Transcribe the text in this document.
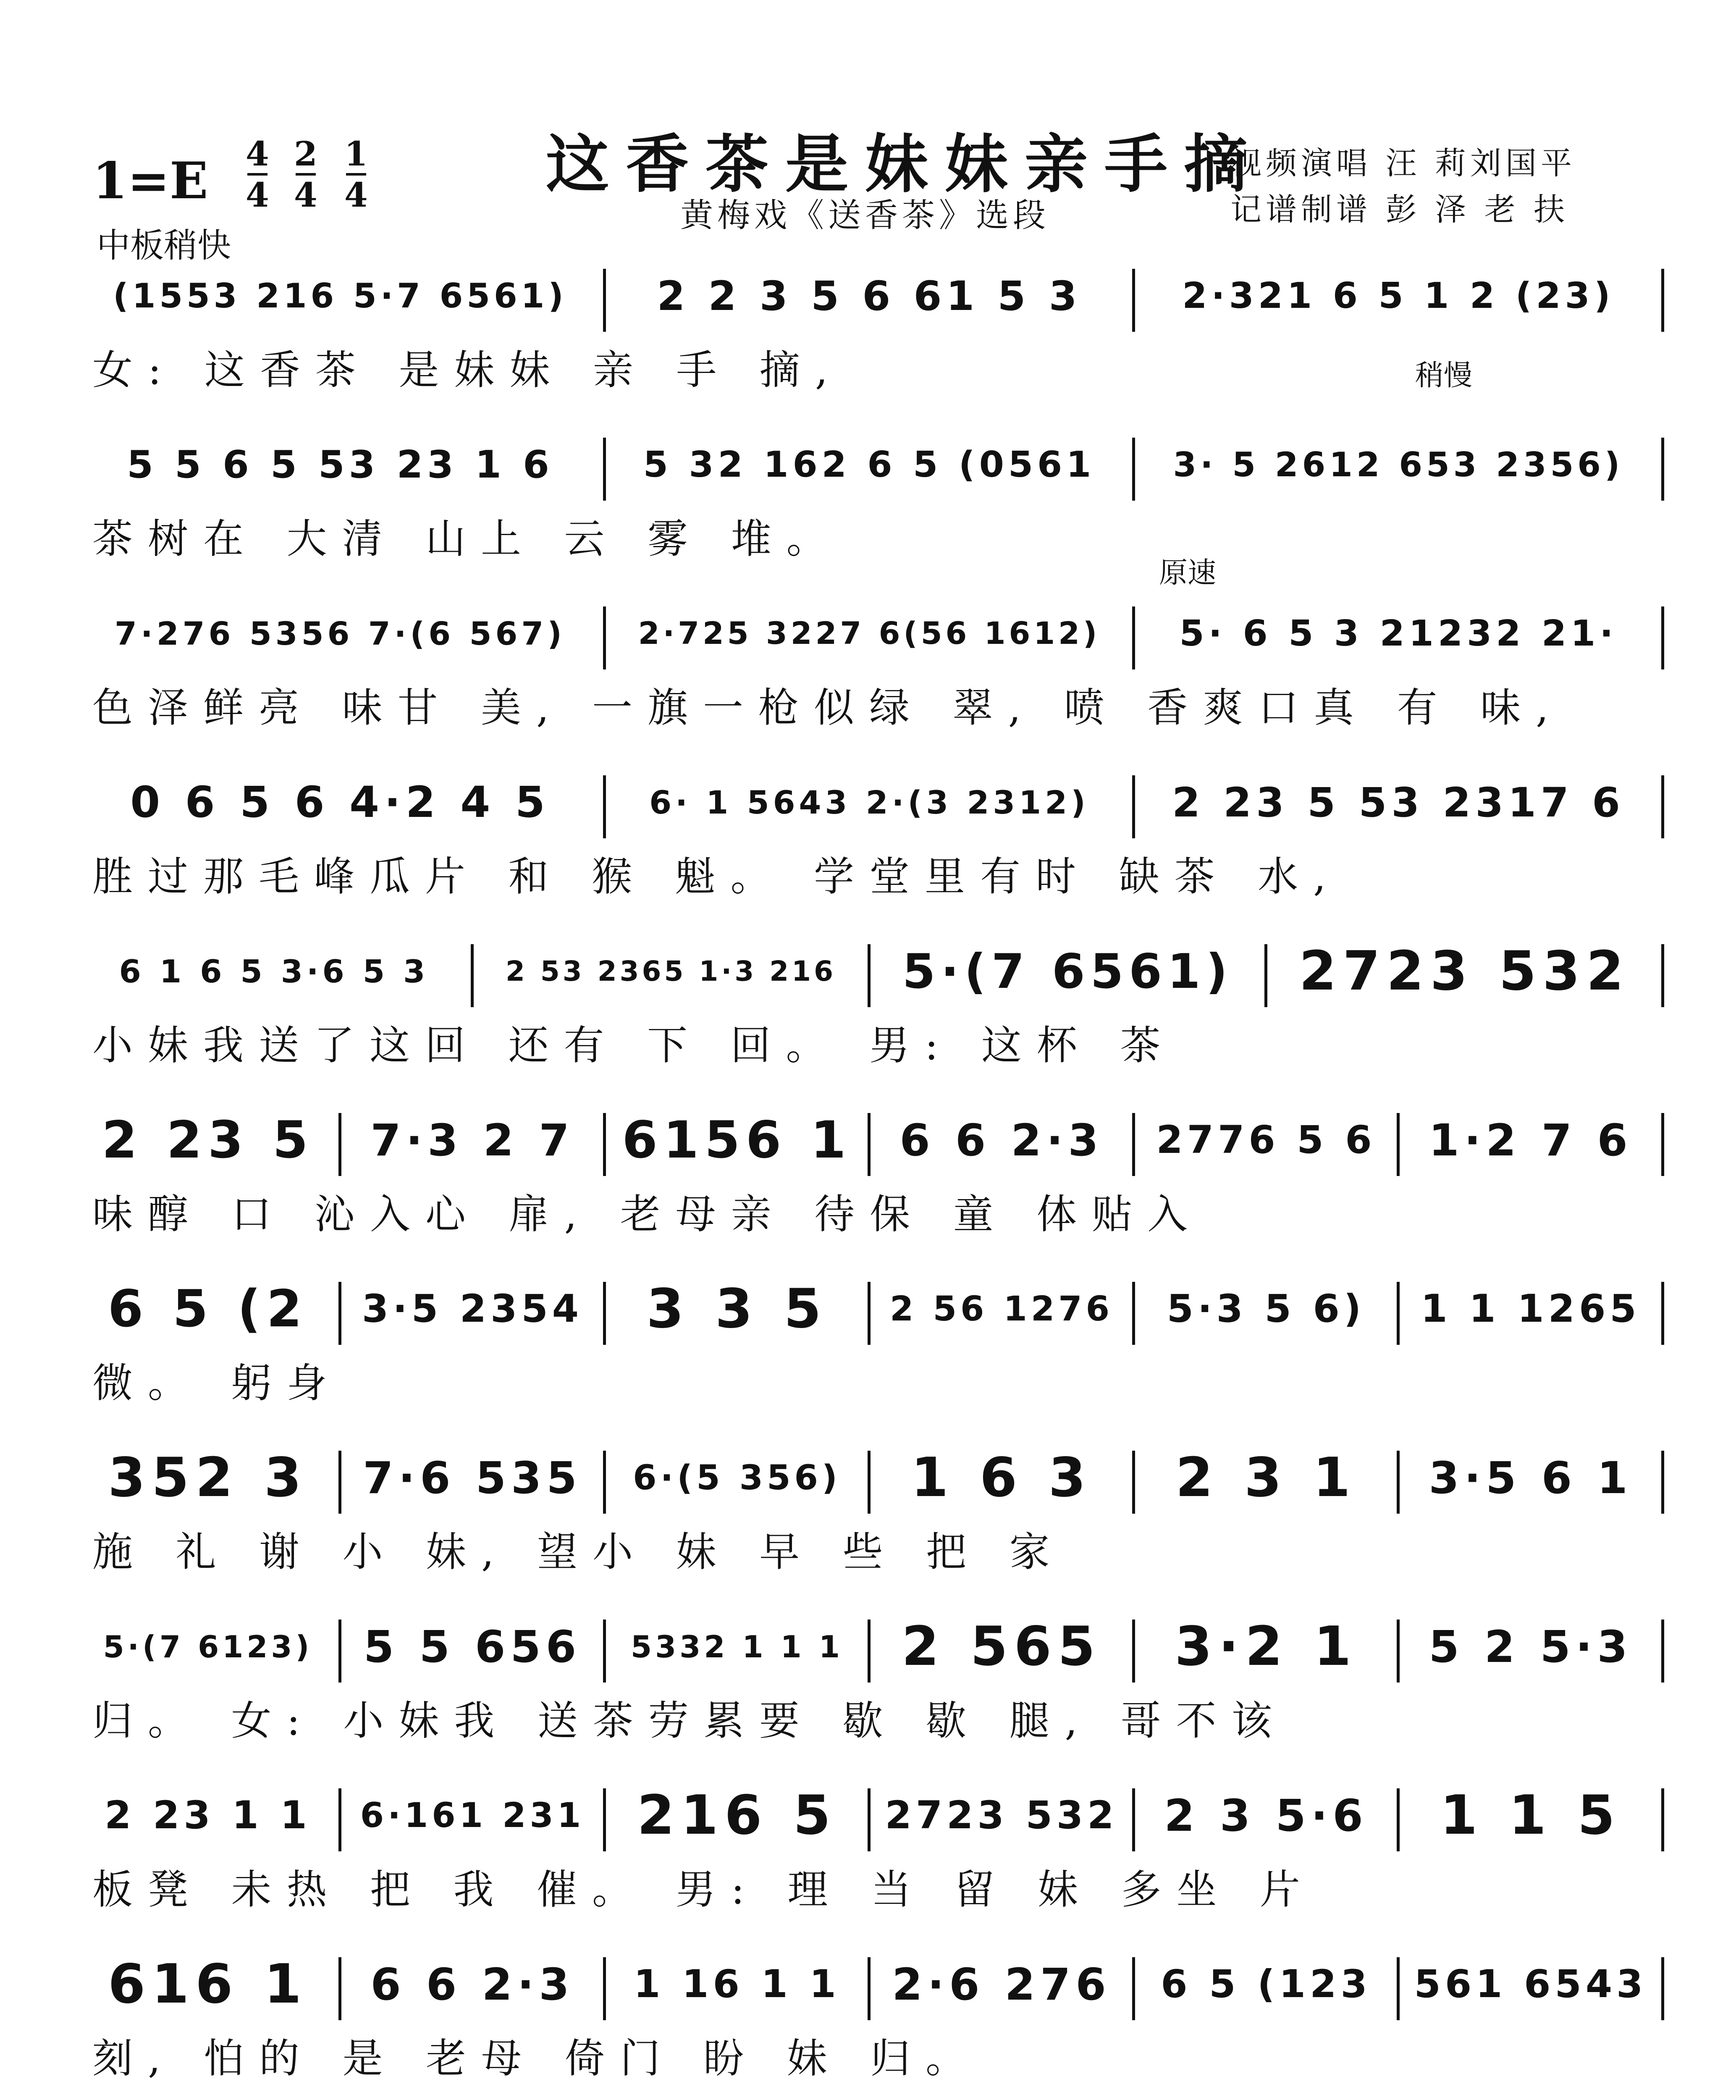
这香茶是妹妹亲手摘
黄梅戏《送香茶》选段
视频演唱 汪 莉刘国平
记谱制谱 彭 泽 老 扶
1=E 4
4
2
4
1
4
中板稍快
稍慢
原速
(1553 216 5·7 6561)	2 2 3 5 6 61 5 3	2·321 6 5 1 2 (23)
女: 这香茶 是妹妹 亲 手 摘,
5 5 6 5 53 23 1 6	5 32 162 6 5 (0561	3· 5 2612 653 2356)
茶树在 大清 山上 云 雾 堆。
7·276 5356 7·(6 567)	2·725 3227 6(56 1612)	5· 6 5 3 21232 21·
色泽鲜亮 味甘 美, 一旗一枪似绿 翠, 喷 香爽口真 有 味,
0 6 5 6 4·2 4 5	6· 1 5643 2·(3 2312)	2 23 5 53 2317 6
胜过那毛峰瓜片 和 猴 魁。 学堂里有时 缺茶 水,
6 1 6 5 3·6 5 3	2 53 2365 1·3 216	5·(7 6561)	2723 532
小妹我送了这回 还有 下 回。 男: 这杯 茶
2 23 5	7·3 2 7 6156 1	6 6 2·3	2776 5 6	1·2 7 6
味醇 口 沁入心 扉, 老母亲 待保 童 体贴入
6 5 (2	3·5 2354	3 3 5	2 56 1276	5·3 5 6)	1 1 1265
微。 躬身
352 3	7·6 535	6·(5 356)	1 6 3	2 3 1	3·5 6 1
施 礼 谢 小 妹, 望小 妹 早 些 把 家
5·(7 6123)	5 5 656	5332 1 1 1	2 565	3·2 1	5 2 5·3
归。 女: 小妹我 送茶劳累要 歇 歇 腿, 哥不该
2 23 1 1	6·161 231 216 5	2723 532	2 3 5·6	1 1 5
板凳 未热 把 我 催。 男: 理 当 留 妹 多坐 片
616 1	6 6 2·3	1 16 1 1	2·6 276	6 5 (123	561 6543
刻, 怕的 是 老母 倚门 盼 妹 归。
